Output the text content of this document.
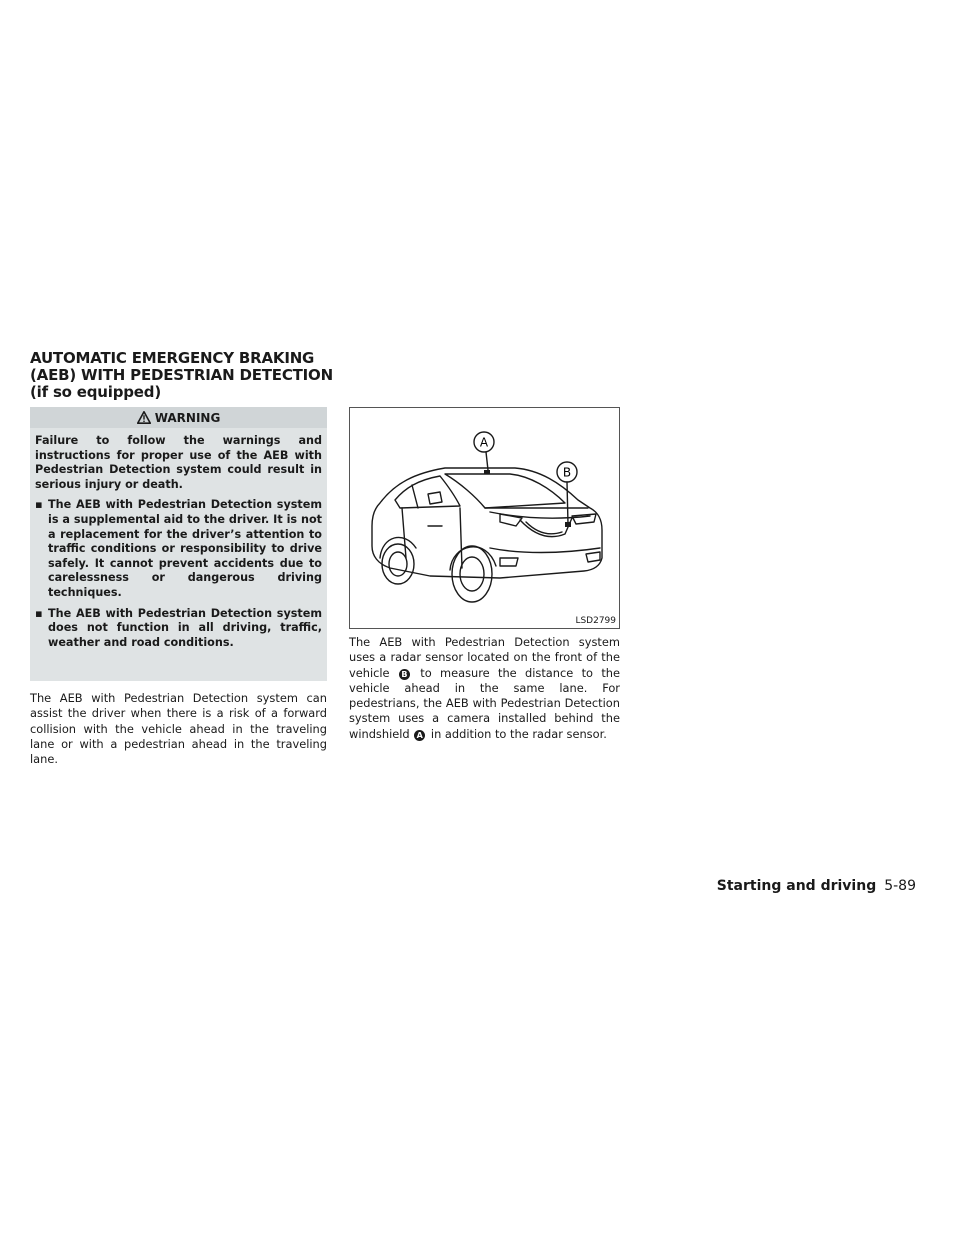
AUTOMATIC EMERGENCY BRAKING
(AEB) WITH PEDESTRIAN DETECTION
(if so equipped)
WARNING

Failure to follow the warnings and instructions for proper use of the AEB with Pedestrian Detection system could result in serious injury or death.

▪ The AEB with Pedestrian Detection system is a supplemental aid to the driver. It is not a replacement for the driver’s attention to traffic conditions or responsibility to drive safely. It cannot prevent accidents due to carelessness or dangerous driving techniques.
▪ The AEB with Pedestrian Detection system does not function in all driving, traffic, weather and road conditions.
The AEB with Pedestrian Detection system can assist the driver when there is a risk of a forward collision with the vehicle ahead in the traveling lane or with a pedestrian ahead in the traveling lane.
A
B
LSD2799
The AEB with Pedestrian Detection system uses a radar sensor located on the front of the vehicle B to measure the distance to the vehicle ahead in the same lane. For pedestrians, the AEB with Pedestrian Detection system uses a camera installed behind the windshield A in addition to the radar sensor.
Starting and driving 5-89
